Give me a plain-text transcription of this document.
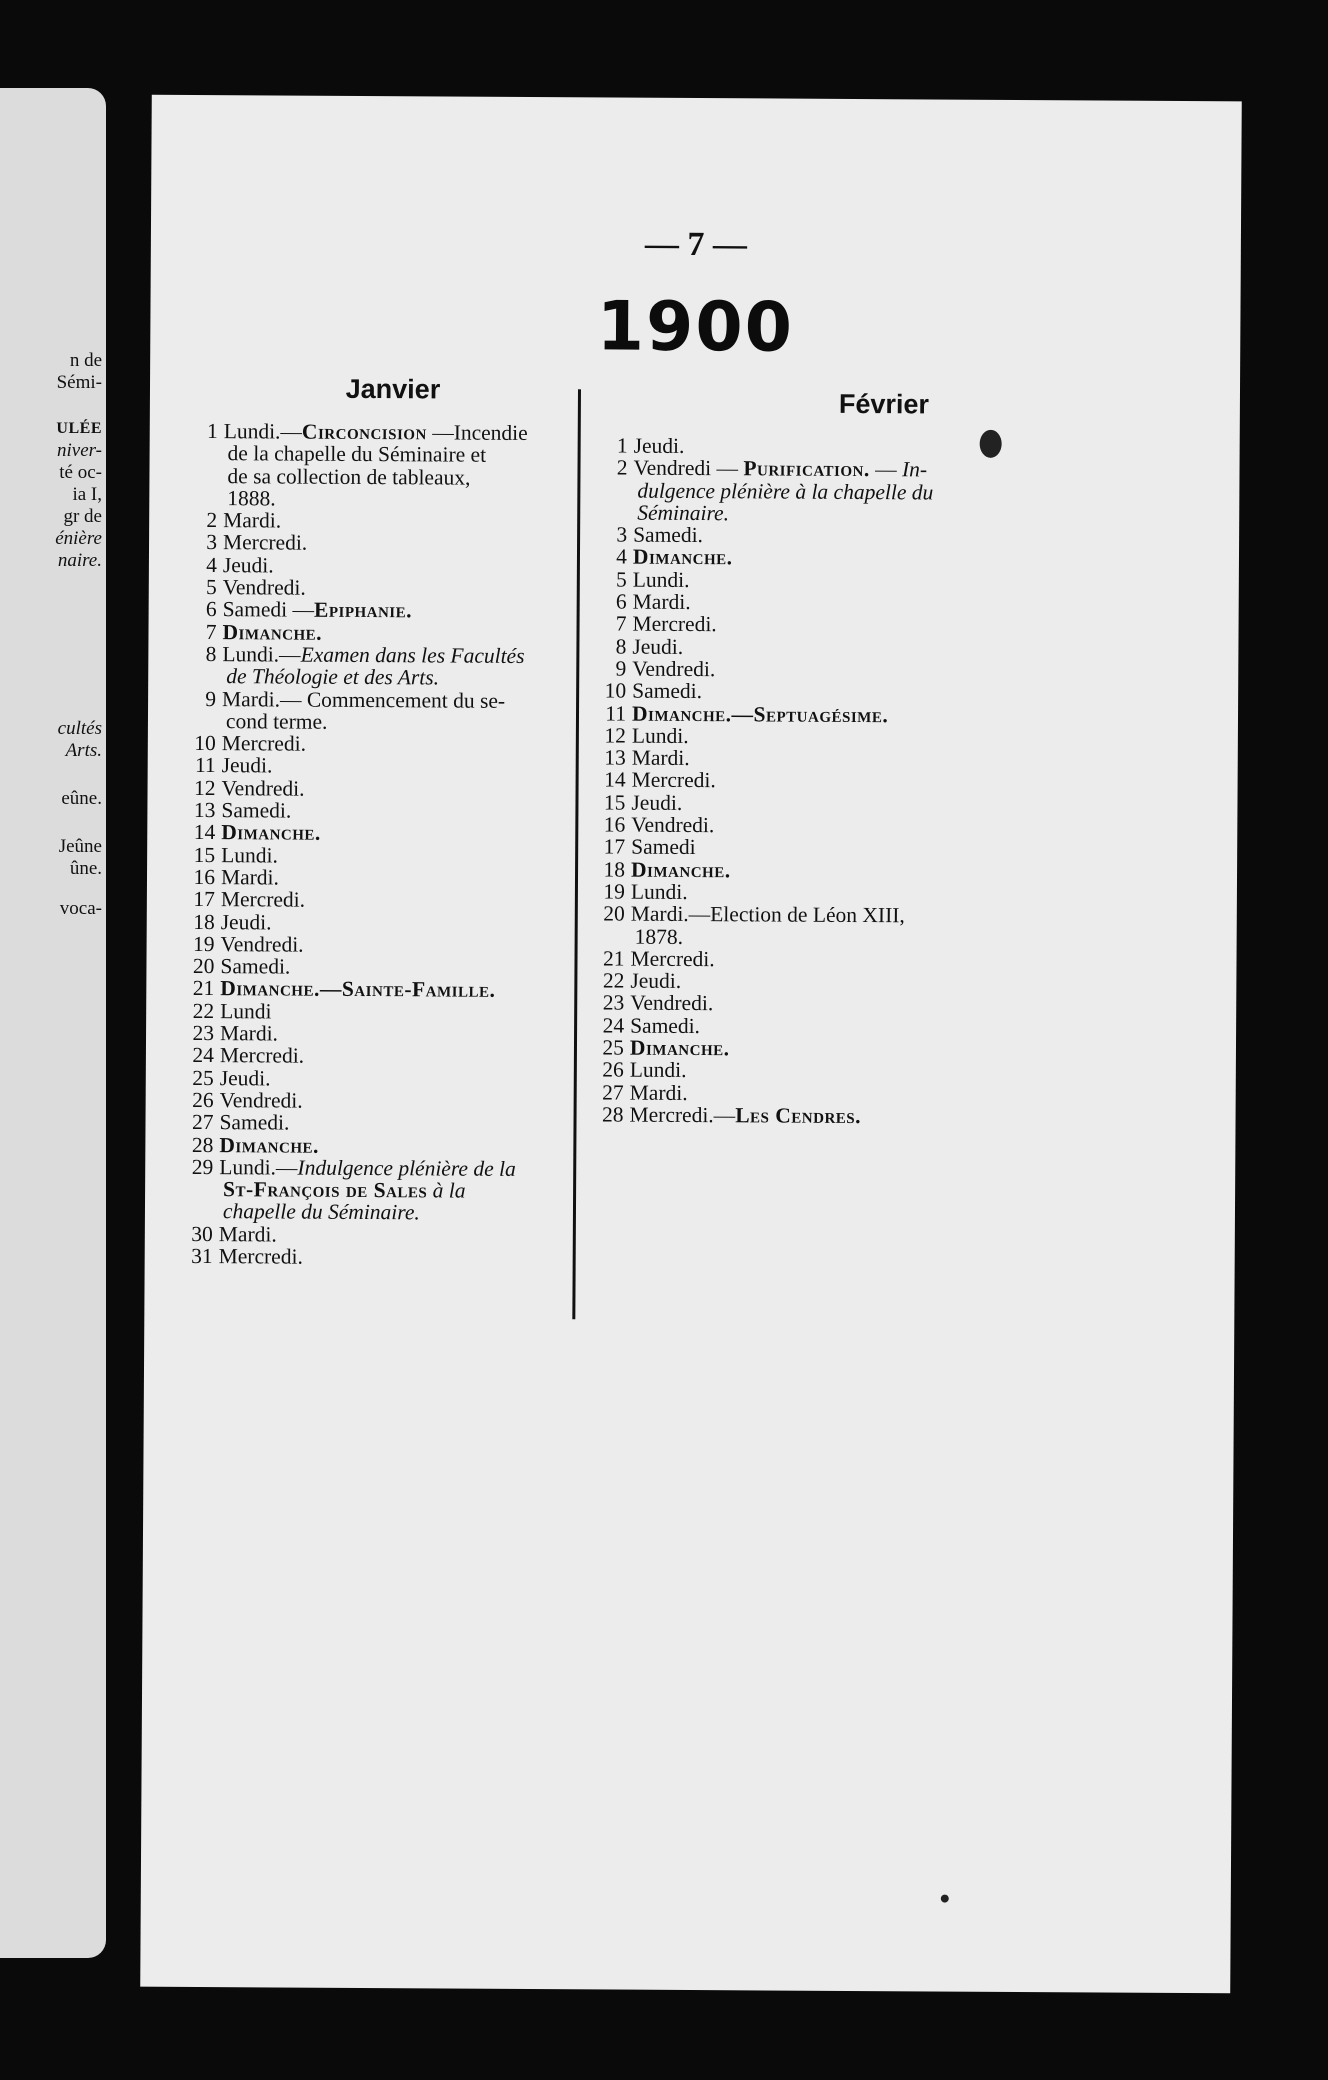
n de
Sémi-
ULÉE
niver-
té oc-
ia I,
gr de
énière
naire.
cultés
Arts.
eûne.
Jeûne
ûne.
voca-
— 7 —
1900
Janvier
1 Lundi.—Circoncision —Incendie
de la chapelle du Séminaire et
de sa collection de tableaux,
1888.
2 Mardi.
3 Mercredi.
4 Jeudi.
5 Vendredi.
6 Samedi —Epiphanie.
7 Dimanche.
8 Lundi.—Examen dans les Facultés
de Théologie et des Arts.
9 Mardi.— Commencement du se-
cond terme.
10 Mercredi.
11 Jeudi.
12 Vendredi.
13 Samedi.
14 Dimanche.
15 Lundi.
16 Mardi.
17 Mercredi.
18 Jeudi.
19 Vendredi.
20 Samedi.
21 Dimanche.—Sainte-Famille.
22 Lundi
23 Mardi.
24 Mercredi.
25 Jeudi.
26 Vendredi.
27 Samedi.
28 Dimanche.
29 Lundi.—Indulgence plénière de la
St-François de Sales à la
chapelle du Séminaire.
30 Mardi.
31 Mercredi.
Février
1 Jeudi.
2 Vendredi — Purification. — In-
dulgence plénière à la chapelle du
Séminaire.
3 Samedi.
4 Dimanche.
5 Lundi.
6 Mardi.
7 Mercredi.
8 Jeudi.
9 Vendredi.
10 Samedi.
11 Dimanche.—Septuagésime.
12 Lundi.
13 Mardi.
14 Mercredi.
15 Jeudi.
16 Vendredi.
17 Samedi
18 Dimanche.
19 Lundi.
20 Mardi.—Election de Léon XIII,
1878.
21 Mercredi.
22 Jeudi.
23 Vendredi.
24 Samedi.
25 Dimanche.
26 Lundi.
27 Mardi.
28 Mercredi.—Les Cendres.
